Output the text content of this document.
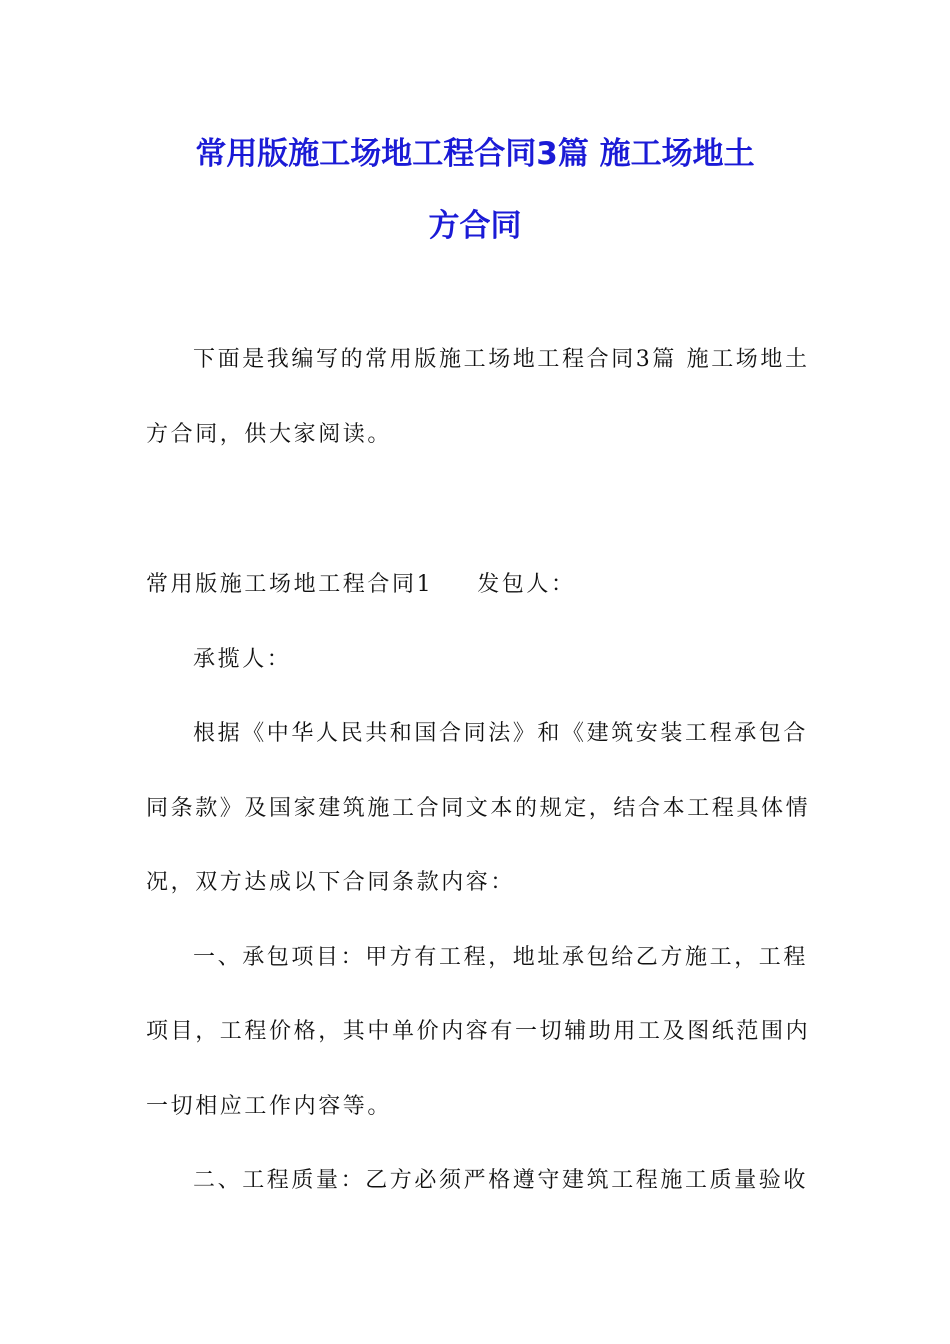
常用版施工场地工程合同3篇 施工场地土
方合同
下面是我编写的常用版施工场地工程合同3篇 施工场地土
方合同，供大家阅读。
常用版施工场地工程合同1 发包人：
承揽人：
根据《中华人民共和国合同法》和《建筑安装工程承包合
同条款》及国家建筑施工合同文本的规定，结合本工程具体情
况，双方达成以下合同条款内容：
一、承包项目：甲方有工程，地址承包给乙方施工，工程
项目，工程价格，其中单价内容有一切辅助用工及图纸范围内
一切相应工作内容等。
二、工程质量：乙方必须严格遵守建筑工程施工质量验收
